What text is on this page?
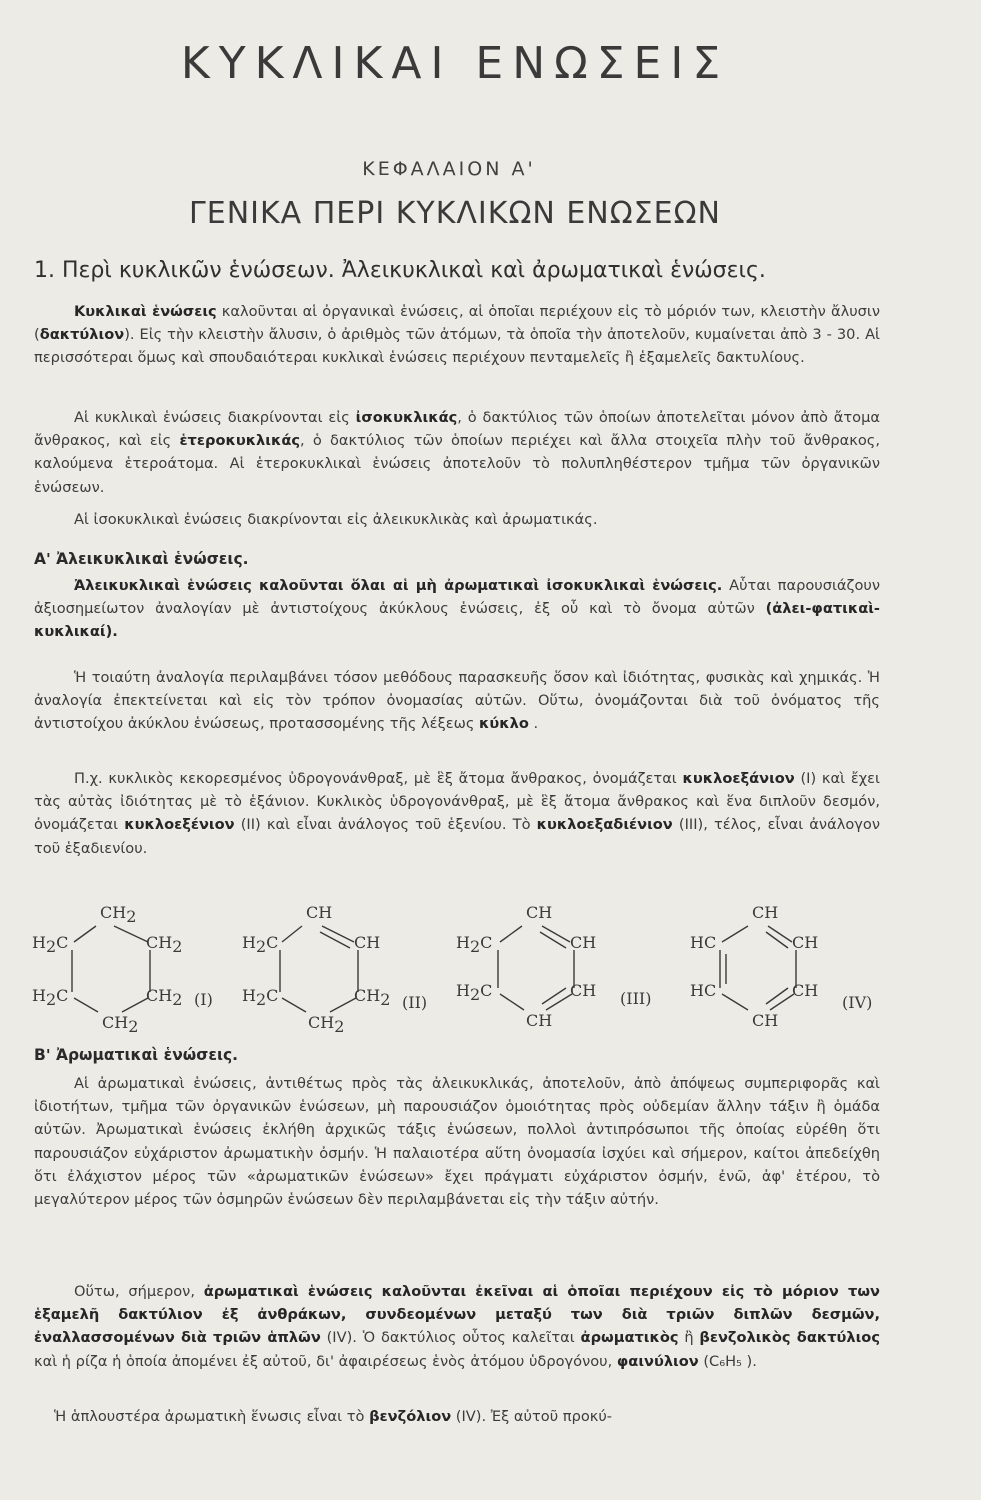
ΚΥΚΛΙΚΑΙ ΕΝΩΣΕΙΣ
ΚΕΦΑΛΑΙΟΝ Α'
ΓΕΝΙΚΑ ΠΕΡΙ ΚΥΚΛΙΚΩΝ ΕΝΩΣΕΩΝ
1. Περὶ κυκλικῶν ἑνώσεων. Ἀλεικυκλικαὶ καὶ ἀρωματικαὶ ἑνώσεις.

Κυκλικαὶ ἑνώσεις καλοῦνται αἱ ὀργανικαὶ ἑνώσεις, αἱ ὁποῖαι περιέχουν εἰς τὸ μόριόν των, κλειστὴν ἄλυσιν (δακτύλιον). Εἰς τὴν κλειστὴν ἄλυσιν, ὁ ἀριθμὸς τῶν ἀτόμων, τὰ ὁποῖα τὴν ἀποτελοῦν, κυμαίνεται ἀπὸ 3 - 30. Αἱ περισσότεραι ὅμως καὶ σπουδαιότεραι κυκλικαὶ ἑνώσεις περιέχουν πενταμελεῖς ἢ ἑξαμελεῖς δακτυλίους.

Αἱ κυκλικαὶ ἑνώσεις διακρίνονται εἰς ἰσοκυκλικάς, ὁ δακτύλιος τῶν ὁποίων ἀποτελεῖται μόνον ἀπὸ ἄτομα ἄνθρακος, καὶ εἰς ἑτεροκυκλικάς, ὁ δακτύλιος τῶν ὁποίων περιέχει καὶ ἄλλα στοιχεῖα πλὴν τοῦ ἄνθρακος, καλούμενα ἑτεροάτομα. Αἱ ἑτεροκυκλικαὶ ἑνώσεις ἀποτελοῦν τὸ πολυπληθέστερον τμῆμα τῶν ὀργανικῶν ἑνώσεων.

Αἱ ἰσοκυκλικαὶ ἑνώσεις διακρίνονται εἰς ἀλεικυκλικὰς καὶ ἀρωματικάς.

Α' Ἀλεικυκλικαὶ ἑνώσεις.

Ἀλεικυκλικαὶ ἑνώσεις καλοῦνται ὅλαι αἱ μὴ ἀρωματικαὶ ἰσοκυκλικαὶ ἑνώσεις. Αὗται παρουσιάζουν ἀξιοσημείωτον ἀναλογίαν μὲ ἀντιστοίχους ἀκύκλους ἑνώσεις, ἐξ οὗ καὶ τὸ ὄνομα αὐτῶν (ἀλει-φατικαὶ-κυκλικαί).

Ἡ τοιαύτη ἀναλογία περιλαμβάνει τόσον μεθόδους παρασκευῆς ὅσον καὶ ἰδιότητας, φυσικὰς καὶ χημικάς. Ἡ ἀναλογία ἐπεκτείνεται καὶ εἰς τὸν τρόπον ὀνομασίας αὐτῶν. Οὕτω, ὀνομάζονται διὰ τοῦ ὀνόματος τῆς ἀντιστοίχου ἀκύκλου ἑνώσεως, προτασσομένης τῆς λέξεως κύκλο .

Π.χ. κυκλικὸς κεκορεσμένος ὑδρογονάνθραξ, μὲ ἓξ ἄτομα ἄνθρακος, ὀνομάζεται κυκλοεξάνιον (Ι) καὶ ἔχει τὰς αὐτὰς ἰδιότητας μὲ τὸ ἑξάνιον. Κυκλικὸς ὑδρογονάνθραξ, μὲ ἓξ ἄτομα ἄνθρακος καὶ ἕνα διπλοῦν δεσμόν, ὀνομάζεται κυκλοεξένιον (ΙΙ) καὶ εἶναι ἀνάλογος τοῦ ἑξενίου. Τὸ κυκλοεξαδιένιον (ΙΙΙ), τέλος, εἶναι ἀνάλογον τοῦ ἑξαδιενίου.

CH2
H2C	CH2
H2C	CH2
CH2
(I)
CH
H2C	CH
H2C	CH2
CH2
(II)
CH
H2C	CH
H2C	CH
CH
(III)
CH
HC	CH
HC	CH
CH
(IV)
Β' Ἀρωματικαὶ ἑνώσεις.

Αἱ ἀρωματικαὶ ἑνώσεις, ἀντιθέτως πρὸς τὰς ἀλεικυκλικάς, ἀποτελοῦν, ἀπὸ ἀπόψεως συμπεριφορᾶς καὶ ἰδιοτήτων, τμῆμα τῶν ὀργανικῶν ἑνώσεων, μὴ παρουσιάζον ὁμοιότητας πρὸς οὐδεμίαν ἄλλην τάξιν ἢ ὁμάδα αὐτῶν. Ἀρωματικαὶ ἑνώσεις ἐκλήθη ἀρχικῶς τάξις ἑνώσεων, πολλοὶ ἀντιπρόσωποι τῆς ὁποίας εὑρέθη ὅτι παρουσιάζον εὐχάριστον ἀρωματικὴν ὀσμήν. Ἡ παλαιοτέρα αὕτη ὀνομασία ἰσχύει καὶ σήμερον, καίτοι ἀπεδείχθη ὅτι ἐλάχιστον μέρος τῶν «ἀρωματικῶν ἑνώσεων» ἔχει πράγματι εὐχάριστον ὀσμήν, ἐνῶ, ἀφ' ἑτέρου, τὸ μεγαλύτερον μέρος τῶν ὀσμηρῶν ἑνώσεων δὲν περιλαμβάνεται εἰς τὴν τάξιν αὐτήν.

Οὕτω, σήμερον, ἀρωματικαὶ ἑνώσεις καλοῦνται ἐκεῖναι αἱ ὁποῖαι περιέχουν εἰς τὸ μόριον των ἑξαμελῆ δακτύλιον ἐξ ἀνθράκων, συνδεομένων μεταξύ των διὰ τριῶν διπλῶν δεσμῶν, ἐναλλασσομένων διὰ τριῶν ἁπλῶν (IV). Ὁ δακτύλιος οὗτος καλεῖται ἀρωματικὸς ἢ βενζολικὸς δακτύλιος καὶ ἡ ρίζα ἡ ὁποία ἀπομένει ἐξ αὐτοῦ, δι' ἀφαιρέσεως ἑνὸς ἀτόμου ὑδρογόνου, φαινύλιον (C₆H₅ ).

Ἡ ἁπλουστέρα ἀρωματικὴ ἕνωσις εἶναι τὸ βενζόλιον (IV). Ἐξ αὐτοῦ προκύ-
